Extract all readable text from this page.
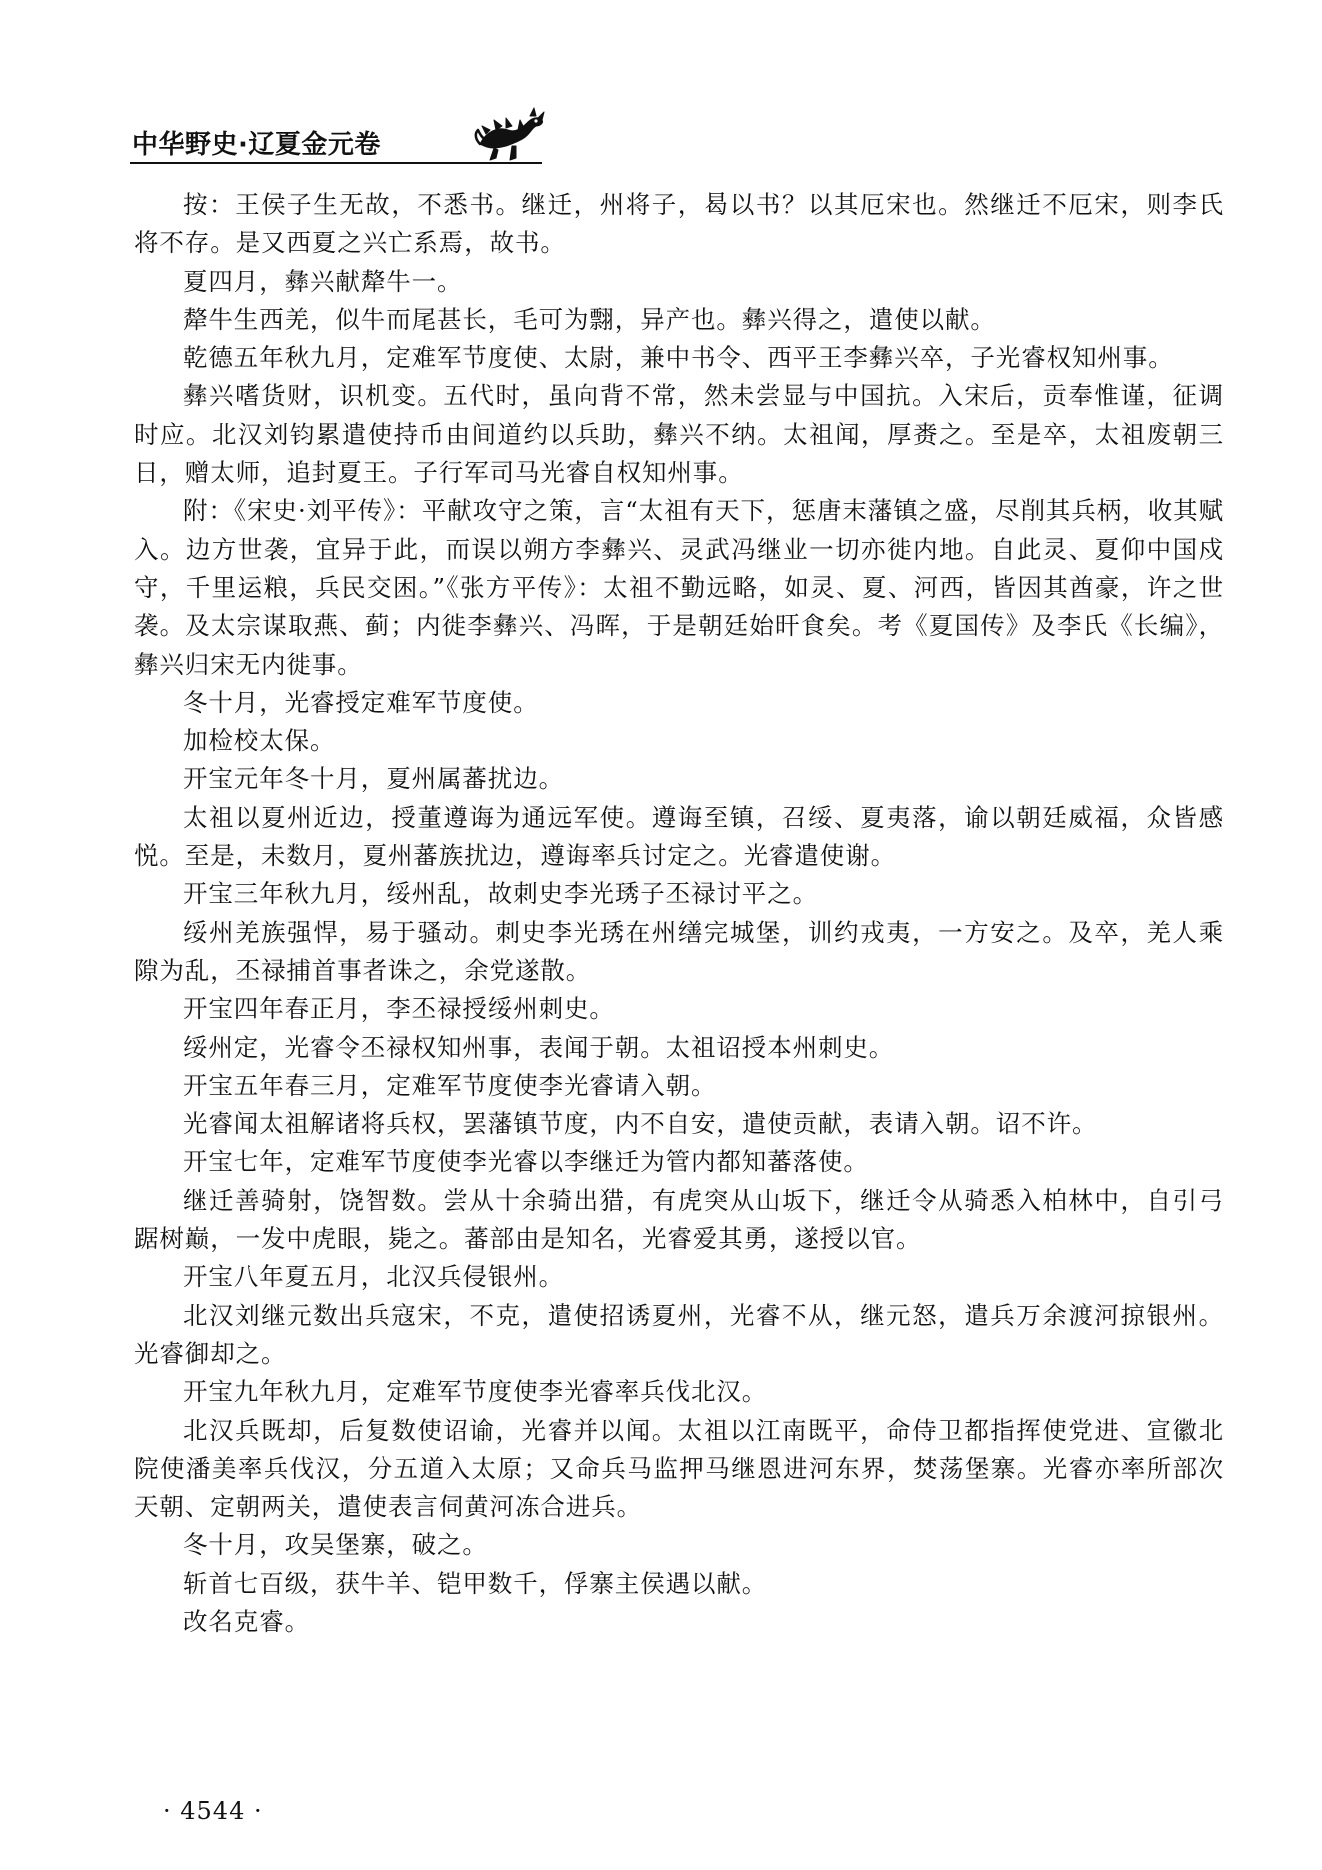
中华野史·辽夏金元卷

按：王侯子生无故，不悉书。继迁，州将子，曷以书？以其厄宋也。然继迁不厄宋，则李氏将不存。是又西夏之兴亡系焉，故书。

夏四月，彝兴献犛牛一。

犛牛生西羌，似牛而尾甚长，毛可为翲，异产也。彝兴得之，遣使以献。

乾德五年秋九月，定难军节度使、太尉，兼中书令、西平王李彝兴卒，子光睿权知州事。

彝兴嗜货财，识机变。五代时，虽向背不常，然未尝显与中国抗。入宋后，贡奉惟谨，征调时应。北汉刘钧累遣使持币由间道约以兵助，彝兴不纳。太祖闻，厚赉之。至是卒，太祖废朝三日，赠太师，追封夏王。子行军司马光睿自权知州事。

附：《宋史·刘平传》：平献攻守之策，言“太祖有天下，惩唐末藩镇之盛，尽削其兵柄，收其赋入。边方世袭，宜异于此，而误以朔方李彝兴、灵武冯继业一切亦徙内地。自此灵、夏仰中国戍守，千里运粮，兵民交困。”《张方平传》：太祖不勤远略，如灵、夏、河西，皆因其酋豪，许之世袭。及太宗谋取燕、蓟；内徙李彝兴、冯晖，于是朝廷始旰食矣。考《夏国传》及李氏《长编》，彝兴归宋无内徙事。

冬十月，光睿授定难军节度使。

加检校太保。

开宝元年冬十月，夏州属蕃扰边。

太祖以夏州近边，授董遵诲为通远军使。遵诲至镇，召绥、夏夷落，谕以朝廷威福，众皆感悦。至是，未数月，夏州蕃族扰边，遵诲率兵讨定之。光睿遣使谢。

开宝三年秋九月，绥州乱，故刺史李光琇子丕禄讨平之。

绥州羌族强悍，易于骚动。刺史李光琇在州缮完城堡，训约戎夷，一方安之。及卒，羌人乘隙为乱，丕禄捕首事者诛之，余党遂散。

开宝四年春正月，李丕禄授绥州刺史。

绥州定，光睿令丕禄权知州事，表闻于朝。太祖诏授本州刺史。

开宝五年春三月，定难军节度使李光睿请入朝。

光睿闻太祖解诸将兵权，罢藩镇节度，内不自安，遣使贡献，表请入朝。诏不许。

开宝七年，定难军节度使李光睿以李继迁为管内都知蕃落使。

继迁善骑射，饶智数。尝从十余骑出猎，有虎突从山坂下，继迁令从骑悉入柏林中，自引弓踞树巅，一发中虎眼，毙之。蕃部由是知名，光睿爱其勇，遂授以官。

开宝八年夏五月，北汉兵侵银州。

北汉刘继元数出兵寇宋，不克，遣使招诱夏州，光睿不从，继元怒，遣兵万余渡河掠银州。光睿御却之。

开宝九年秋九月，定难军节度使李光睿率兵伐北汉。

北汉兵既却，后复数使诏谕，光睿并以闻。太祖以江南既平，命侍卫都指挥使党进、宣徽北院使潘美率兵伐汉，分五道入太原；又命兵马监押马继恩进河东界，焚荡堡寨。光睿亦率所部次天朝、定朝两关，遣使表言伺黄河冻合进兵。

冬十月，攻吴堡寨，破之。

斩首七百级，获牛羊、铠甲数千，俘寨主侯遇以献。

改名克睿。

· 4544 ·
